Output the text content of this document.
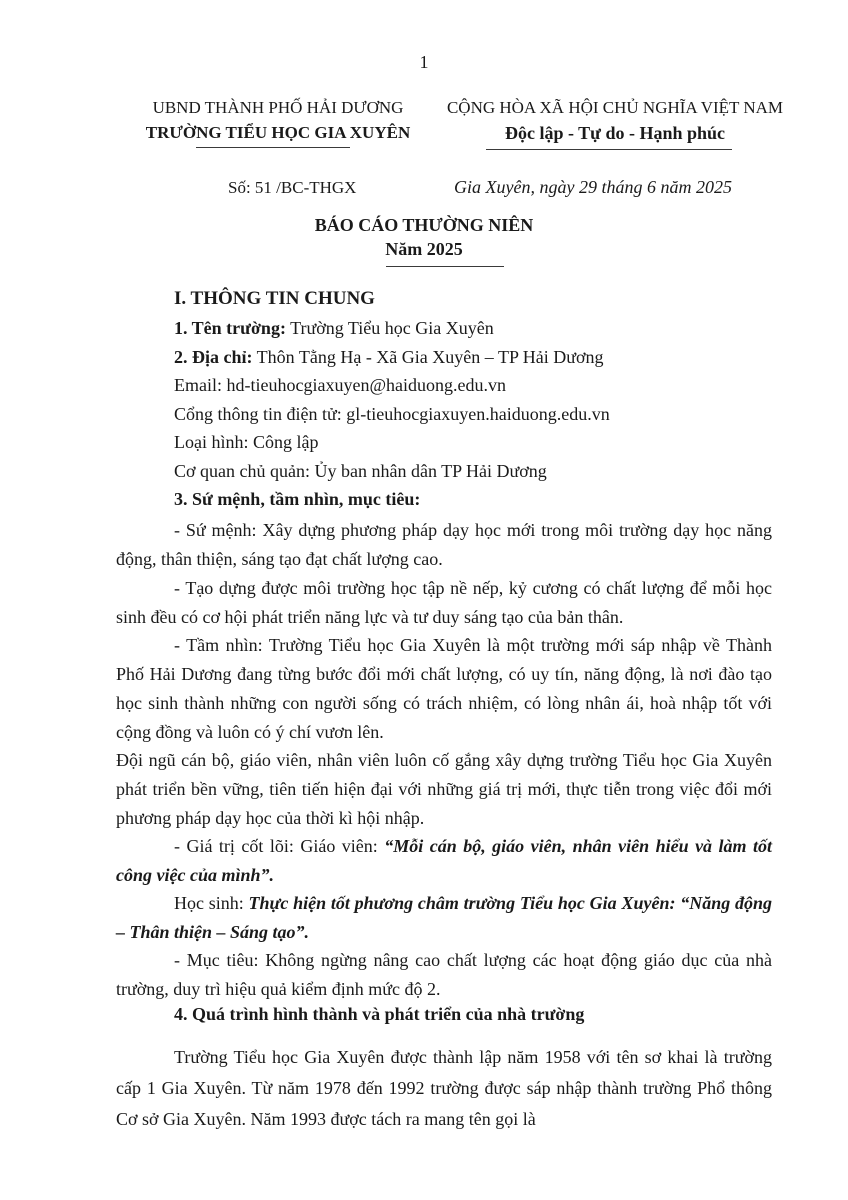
1
UBND THÀNH PHỐ HẢI DƯƠNG
TRƯỜNG TIỂU HỌC GIA XUYÊN
CỘNG HÒA XÃ HỘI CHỦ NGHĨA VIỆT NAM
Độc lập - Tự do - Hạnh phúc
Số: 51 /BC-THGX	Gia Xuyên, ngày 29 tháng 6 năm 2025
BÁO CÁO THƯỜNG NIÊN
Năm 2025
I. THÔNG TIN CHUNG
1. Tên trường: Trường Tiểu học Gia Xuyên
2. Địa chỉ: Thôn Tằng Hạ - Xã Gia Xuyên – TP Hải Dương
Email: hd-tieuhocgiaxuyen@haiduong.edu.vn
Cổng thông tin điện tử: gl-tieuhocgiaxuyen.haiduong.edu.vn
Loại hình: Công lập
Cơ quan chủ quản: Ủy ban nhân dân TP Hải Dương
3. Sứ mệnh, tầm nhìn, mục tiêu:
- Sứ mệnh: Xây dựng phương pháp dạy học mới trong môi trường dạy học năng động, thân thiện, sáng tạo đạt chất lượng cao.
- Tạo dựng được môi trường học tập nề nếp, kỷ cương có chất lượng để mỗi học sinh đều có cơ hội phát triển năng lực và tư duy sáng tạo của bản thân.
- Tầm nhìn: Trường Tiểu học Gia Xuyên là một trường mới sáp nhập về Thành Phố Hải Dương đang từng bước đổi mới chất lượng, có uy tín, năng động, là nơi đào tạo học sinh thành những con người sống có trách nhiệm, có lòng nhân ái, hoà nhập tốt với cộng đồng và luôn có ý chí vươn lên.
Đội ngũ cán bộ, giáo viên, nhân viên luôn cố gắng xây dựng trường Tiểu học Gia Xuyên phát triển bền vững, tiên tiến hiện đại với những giá trị mới, thực tiễn trong việc đổi mới phương pháp dạy học của thời kì hội nhập.
- Giá trị cốt lõi: Giáo viên: “Mỗi cán bộ, giáo viên, nhân viên hiểu và làm tốt công việc của mình”.
Học sinh: Thực hiện tốt phương châm trường Tiểu học Gia Xuyên: “Năng động – Thân thiện – Sáng tạo”.
- Mục tiêu: Không ngừng nâng cao chất lượng các hoạt động giáo dục của nhà trường, duy trì hiệu quả kiểm định mức độ 2.
4. Quá trình hình thành và phát triển của nhà trường
Trường Tiểu học Gia Xuyên được thành lập năm 1958 với tên sơ khai là trường cấp 1 Gia Xuyên. Từ năm 1978 đến 1992 trường được sáp nhập thành trường Phổ thông Cơ sở Gia Xuyên. Năm 1993 được tách ra mang tên gọi là
